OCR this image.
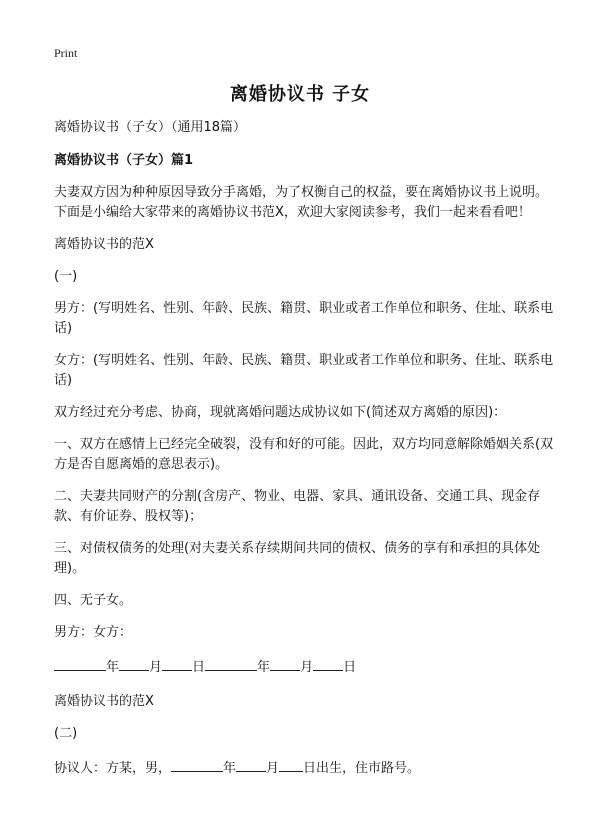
Print
离婚协议书 子女

离婚协议书（子女）（通用18篇）

离婚协议书（子女）篇1

夫妻双方因为种种原因导致分手离婚，为了权衡自己的权益，要在离婚协议书上说明。下面是小编给大家带来的离婚协议书范X，欢迎大家阅读参考，我们一起来看看吧！

离婚协议书的范X

(一)

男方：(写明姓名、性别、年龄、民族、籍贯、职业或者工作单位和职务、住址、联系电话)

女方：(写明姓名、性别、年龄、民族、籍贯、职业或者工作单位和职务、住址、联系电话)

双方经过充分考虑、协商，现就离婚问题达成协议如下(简述双方离婚的原因)：

一、双方在感情上已经完全破裂，没有和好的可能。因此，双方均同意解除婚姻关系(双方是否自愿离婚的意思表示)。

二、夫妻共同财产的分割(含房产、物业、电器、家具、通讯设备、交通工具、现金存款、有价证券、股权等)；

三、对债权债务的处理(对夫妻关系存续期间共同的债权、债务的享有和承担的具体处理)。

四、无子女。

男方：女方：

年 月 日	年 月 日

离婚协议书的范X

(二)

协议人：方某，男，	年 月 日出生，住市路号。
